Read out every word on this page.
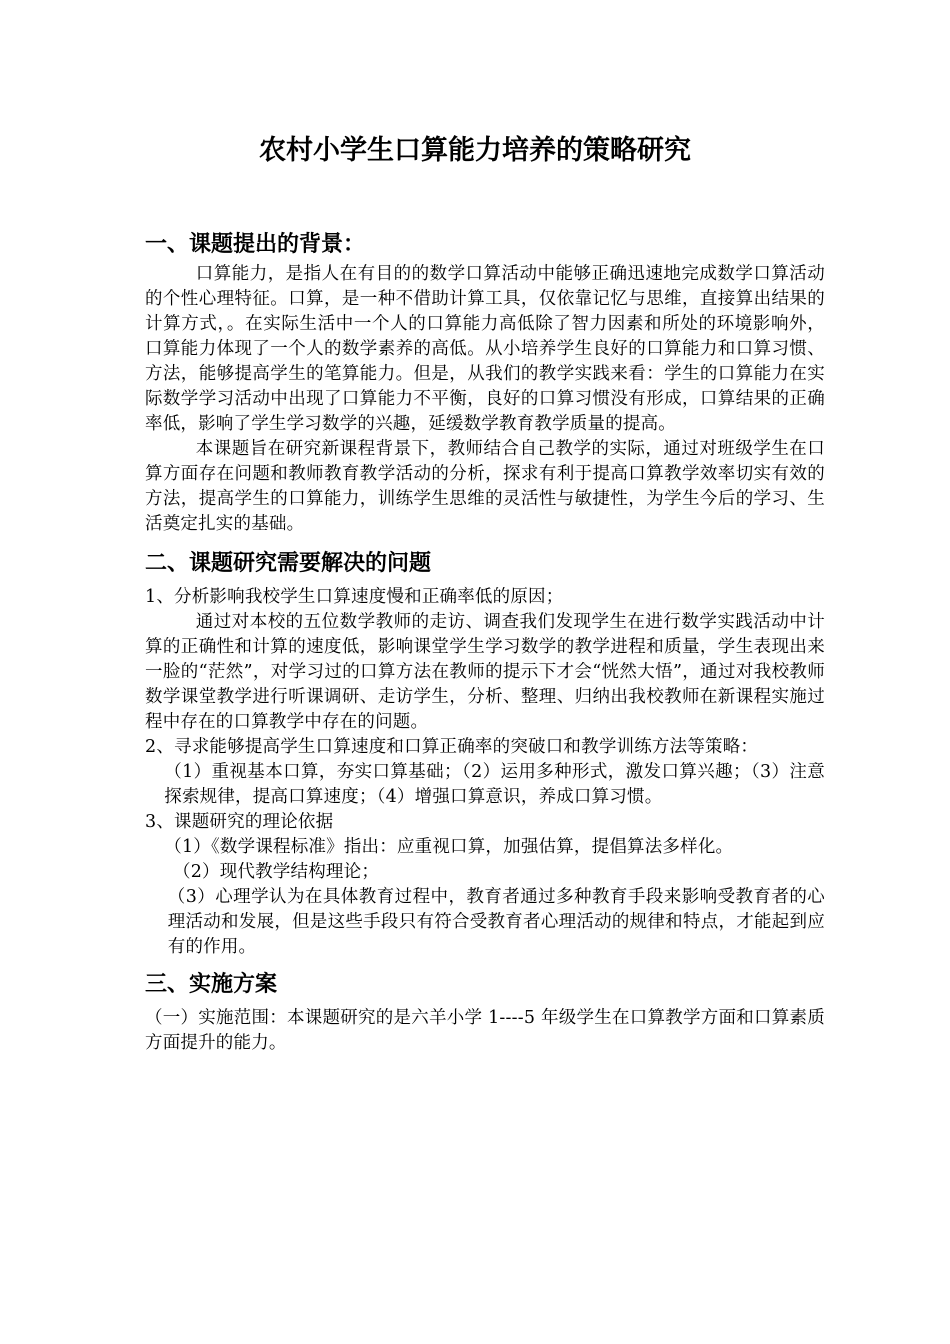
农村小学生口算能力培养的策略研究
一、课题提出的背景：

口算能力，是指人在有目的的数学口算活动中能够正确迅速地完成数学口算活动的个性心理特征。口算，是一种不借助计算工具，仅依靠记忆与思维，直接算出结果的计算方式，。在实际生活中一个人的口算能力高低除了智力因素和所处的环境影响外，口算能力体现了一个人的数学素养的高低。从小培养学生良好的口算能力和口算习惯、方法，能够提高学生的笔算能力。但是，从我们的教学实践来看：学生的口算能力在实际数学学习活动中出现了口算能力不平衡，良好的口算习惯没有形成，口算结果的正确率低，影响了学生学习数学的兴趣，延缓数学教育教学质量的提高。

本课题旨在研究新课程背景下，教师结合自己教学的实际，通过对班级学生在口算方面存在问题和教师教育教学活动的分析，探求有利于提高口算教学效率切实有效的方法，提高学生的口算能力，训练学生思维的灵活性与敏捷性，为学生今后的学习、生活奠定扎实的基础。

二、课题研究需要解决的问题

1、分析影响我校学生口算速度慢和正确率低的原因；

通过对本校的五位数学教师的走访、调查我们发现学生在进行数学实践活动中计算的正确性和计算的速度低，影响课堂学生学习数学的教学进程和质量，学生表现出来一脸的“茫然”，对学习过的口算方法在教师的提示下才会“恍然大悟”，通过对我校教师数学课堂教学进行听课调研、走访学生，分析、整理、归纳出我校教师在新课程实施过程中存在的口算教学中存在的问题。

2、寻求能够提高学生口算速度和口算正确率的突破口和教学训练方法等策略：

（1）重视基本口算，夯实口算基础；（2）运用多种形式，激发口算兴趣；（3）注意探索规律，提高口算速度；（4）增强口算意识，养成口算习惯。

3、课题研究的理论依据

（1）《数学课程标准》指出：应重视口算，加强估算，提倡算法多样化。

（2）现代教学结构理论；

（3）心理学认为在具体教育过程中，教育者通过多种教育手段来影响受教育者的心理活动和发展，但是这些手段只有符合受教育者心理活动的规律和特点，才能起到应有的作用。

三、实施方案

（一）实施范围：本课题研究的是六羊小学 1----5 年级学生在口算教学方面和口算素质方面提升的能力。
